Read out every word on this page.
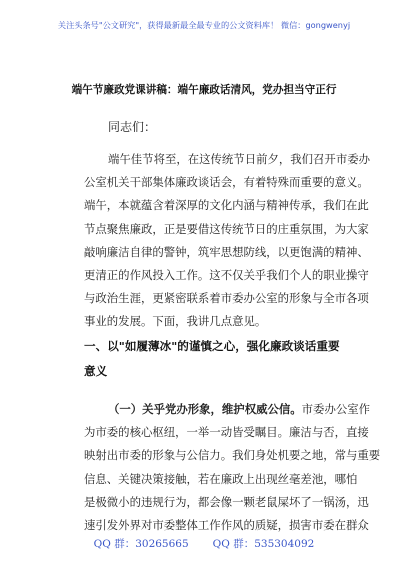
关注头条号"公文研究"，获得最新最全最专业的公文资料库！ 微信：gongwenyj
端午节廉政党课讲稿：端午廉政话清风，党办担当守正行
同志们：
端午佳节将至，在这传统节日前夕，我们召开市委办
公室机关干部集体廉政谈话会，有着特殊而重要的意义。
端午，本就蕴含着深厚的文化内涵与精神传承，我们在此
节点聚焦廉政，正是要借这传统节日的庄重氛围，为大家
敲响廉洁自律的警钟，筑牢思想防线，以更饱满的精神、
更清正的作风投入工作。这不仅关乎我们个人的职业操守
与政治生涯，更紧密联系着市委办公室的形象与全市各项
事业的发展。下面，我讲几点意见。
一、以"如履薄冰"的谨慎之心，强化廉政谈话重要
意义
（一）关乎党办形象，维护权威公信。市委办公室作
为市委的核心枢纽，一举一动皆受瞩目。廉洁与否，直接
映射出市委的形象与公信力。我们身处机要之地，常与重要
信息、关键决策接触，若在廉政上出现丝毫差池，哪怕
是极微小的违规行为，都会像一颗老鼠屎坏了一锅汤，迅
速引发外界对市委整体工作作风的质疑，损害市委在群众
QQ 群：30265665 QQ 群：535304092
